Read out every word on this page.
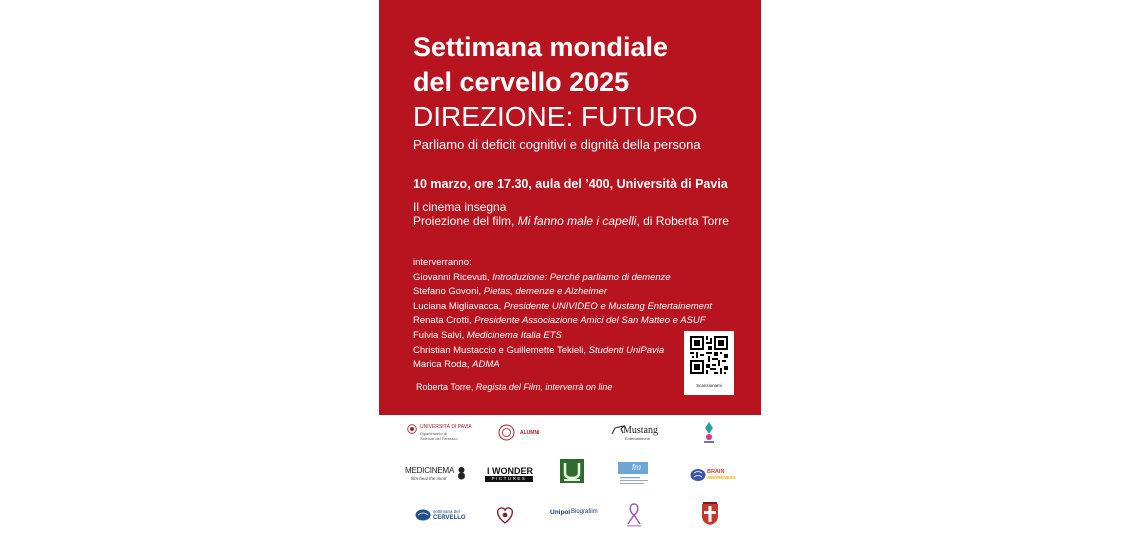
Settimana mondiale
del cervello 2025
DIREZIONE: FUTURO
Parliamo di deficit cognitivi e dignità della persona
10 marzo, ore 17.30, aula del ’400, Università di Pavia
Il cinema insegna
Proiezione del film, Mi fanno male i capelli, di Roberta Torre
interverranno:
Giovanni Ricevuti, Introduzione: Perché parliamo di demenze
Stefano Govoni, Pietas, demenze e Alzheimer
Luciana Migliavacca, Presidente UNIVIDEO e Mustang Entertainement
Renata Crotti, Presidente Associazione Amici del San Matteo e ASUF
Fulvia Salvi, Medicinema Italia ETS
Christian Mustaccio e Guillemette Tekieli, Studenti UniPavia
Marica Roda, ADMA
Roberta Torre, Regista del Film, interverrà on line	Scansionami
UNIVERSITÀ DI PAVIA
Dipartimento di
Scienze del Farmaco
ALUMNI	Mustang
Entertainment
MEDICINEMA
film heal the mind
I WONDER
PICTURES
fm	BRAIN
AWARENESS
settimana del
CERVELLO
Unipol Biografilm
